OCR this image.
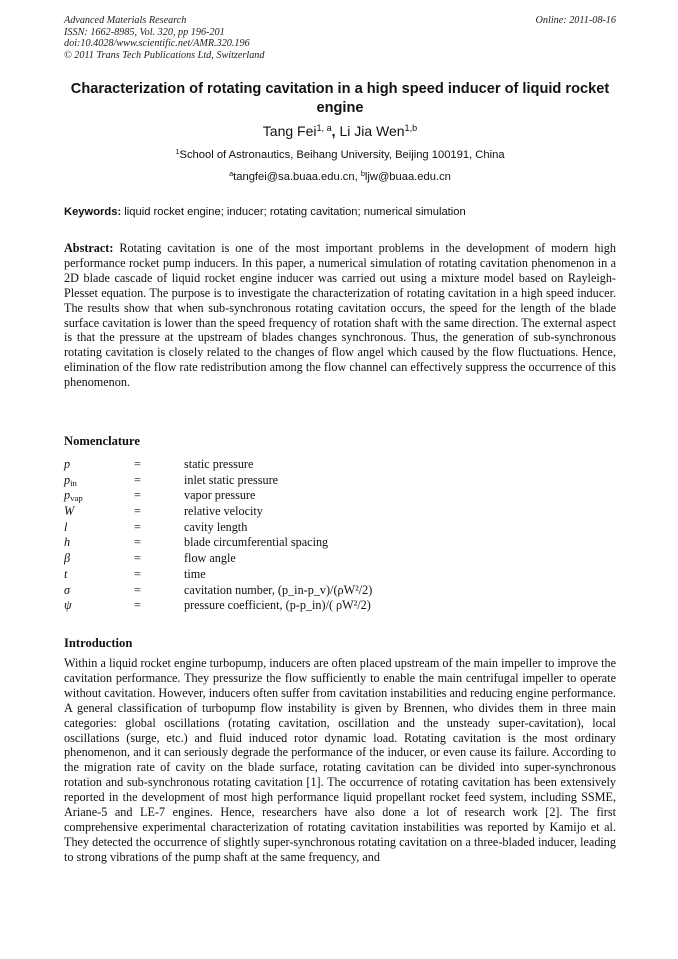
Advanced Materials Research
ISSN: 1662-8985, Vol. 320, pp 196-201
doi:10.4028/www.scientific.net/AMR.320.196
© 2011 Trans Tech Publications Ltd, Switzerland
Online: 2011-08-16
Characterization of rotating cavitation in a high speed inducer of liquid rocket engine
Tang Fei$^{1, a}$, Li Jia Wen$^{1,b}$
$^1$School of Astronautics, Beihang University, Beijing 100191, China
$^a$tangfei@sa.buaa.edu.cn, $^b$ljw@buaa.edu.cn
Keywords: liquid rocket engine; inducer; rotating cavitation; numerical simulation
Abstract: Rotating cavitation is one of the most important problems in the development of modern high performance rocket pump inducers. In this paper, a numerical simulation of rotating cavitation phenomenon in a 2D blade cascade of liquid rocket engine inducer was carried out using a mixture model based on Rayleigh-Plesset equation. The purpose is to investigate the characterization of rotating cavitation in a high speed inducer. The results show that when sub-synchronous rotating cavitation occurs, the speed for the length of the blade surface cavitation is lower than the speed frequency of rotation shaft with the same direction. The external aspect is that the pressure at the upstream of blades changes synchronous. Thus, the generation of sub-synchronous rotating cavitation is closely related to the changes of flow angel which caused by the flow fluctuations. Hence, elimination of the flow rate redistribution among the flow channel can effectively suppress the occurrence of this phenomenon.
Nomenclature
p	=	static pressure
$p_{in}$	=	inlet static pressure
$p_{vap}$	=	vapor pressure
W	=	relative velocity
l	=	cavity length
h	=	blade circumferential spacing
β	=	flow angle
t	=	time
σ	=	cavitation number, (p_in-p_v)/(ρW²/2)
ψ	=	pressure coefficient, (p-p_in)/( ρW²/2)
Introduction

Within a liquid rocket engine turbopump, inducers are often placed upstream of the main impeller to improve the cavitation performance. They pressurize the flow sufficiently to enable the main centrifugal impeller to operate without cavitation. However, inducers often suffer from cavitation instabilities and reducing engine performance.

A general classification of turbopump flow instability is given by Brennen, who divides them in three main categories: global oscillations (rotating cavitation, oscillation and the unsteady super-cavitation), local oscillations (surge, etc.) and fluid induced rotor dynamic load. Rotating cavitation is the most ordinary phenomenon, and it can seriously degrade the performance of the inducer, or even cause its failure. According to the migration rate of cavity on the blade surface, rotating cavitation can be divided into super-synchronous rotation and sub-synchronous rotating cavitation [1]. The occurrence of rotating cavitation has been extensively reported in the development of most high performance liquid propellant rocket feed system, including SSME, Ariane-5 and LE-7 engines. Hence, researchers have also done a lot of research work [2]. The first comprehensive experimental characterization of rotating cavitation instabilities was reported by Kamijo et al. They detected the occurrence of slightly super-synchronous rotating cavitation on a three-bladed inducer, leading to strong vibrations of the pump shaft at the same frequency, and
